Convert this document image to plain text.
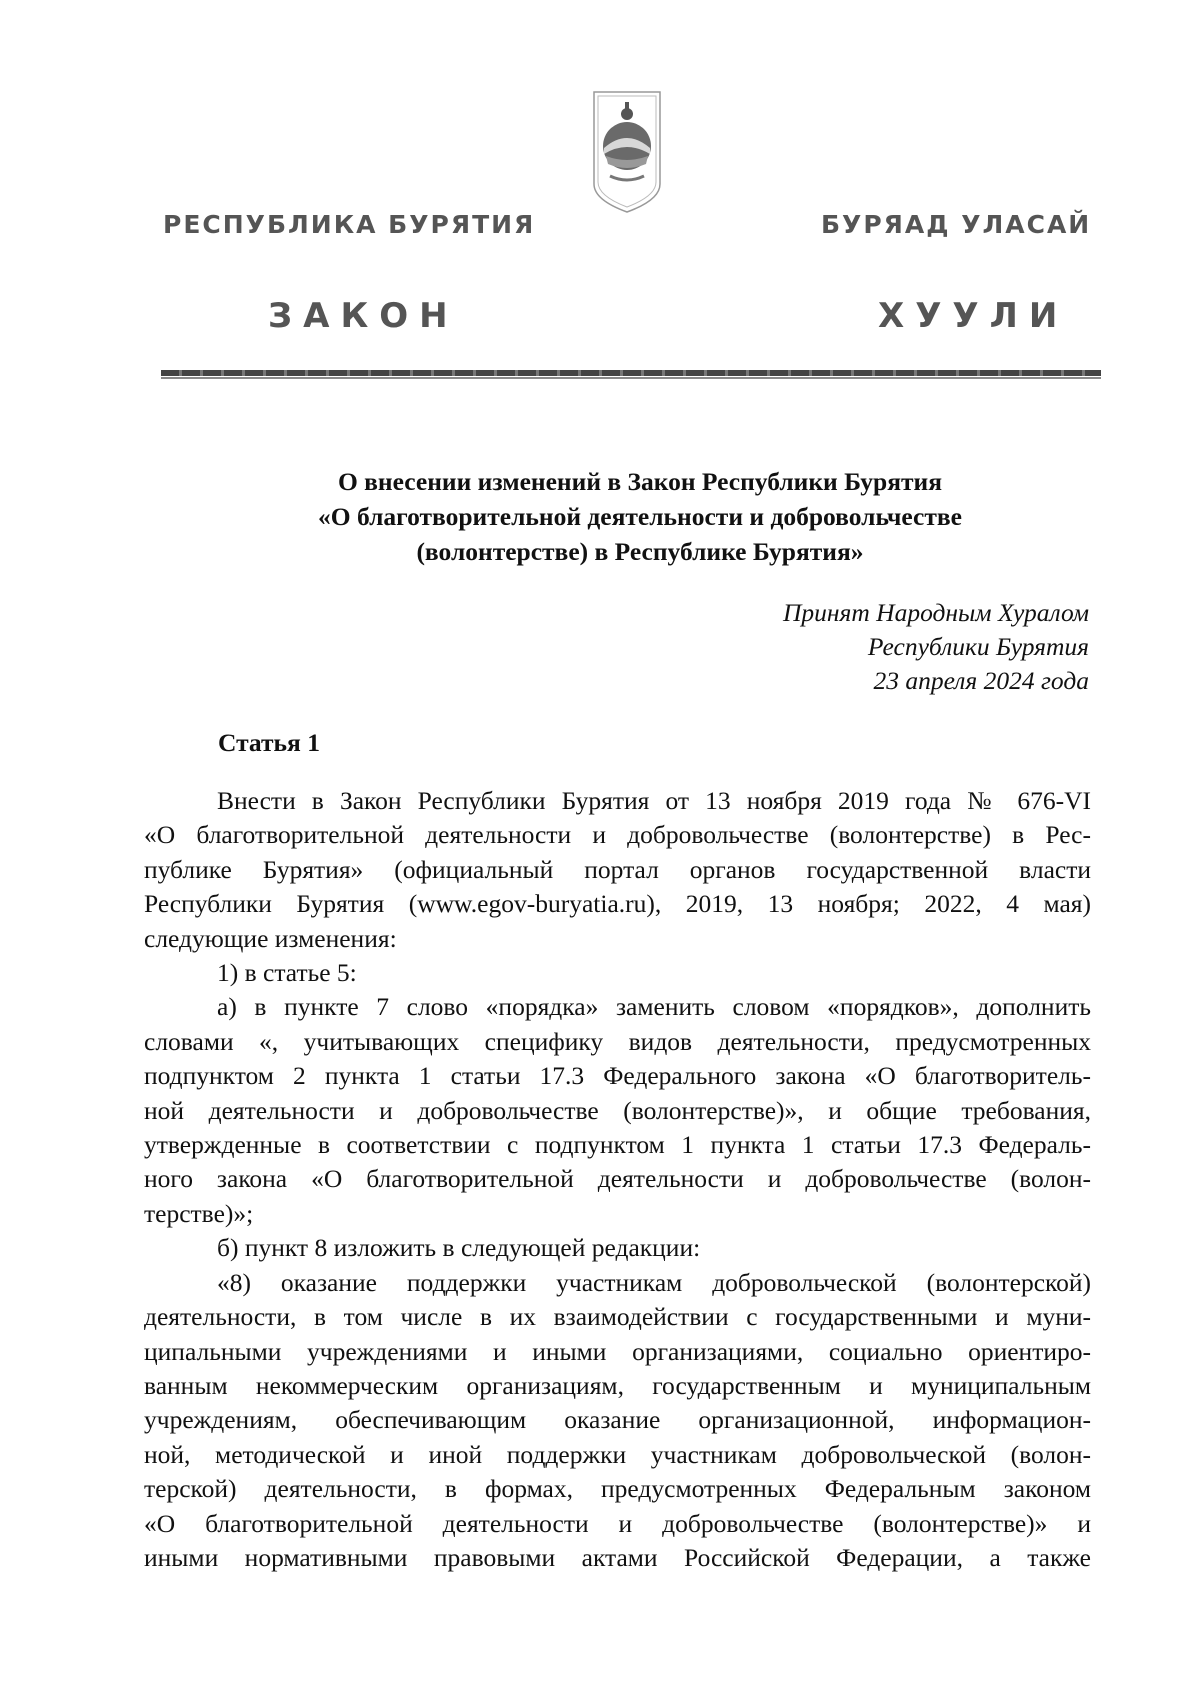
РЕСПУБЛИКА БУРЯТИЯ	БУРЯАД УЛАСАЙ
ЗАКОН	ХУУЛИ
О внесении изменений в Закон Республики Бурятия
«О благотворительной деятельности и добровольчестве
(волонтерстве) в Республике Бурятия»
Принят Народным Хуралом
Республики Бурятия
23 апреля 2024 года
Статья 1
Внести в Закон Республики Бурятия от 13 ноября 2019 года № 676-VI
«О благотворительной деятельности и добровольчестве (волонтерстве) в Рес-
публике Бурятия» (официальный портал органов государственной власти
Республики Бурятия (www.egov-buryatia.ru), 2019, 13 ноября; 2022, 4 мая)
следующие изменения:
1) в статье 5:
а) в пункте 7 слово «порядка» заменить словом «порядков», дополнить
словами «, учитывающих специфику видов деятельности, предусмотренных
подпунктом 2 пункта 1 статьи 17.3 Федерального закона «О благотворитель-
ной деятельности и добровольчестве (волонтерстве)», и общие требования,
утвержденные в соответствии с подпунктом 1 пункта 1 статьи 17.3 Федераль-
ного закона «О благотворительной деятельности и добровольчестве (волон-
терстве)»;
б) пункт 8 изложить в следующей редакции:
«8) оказание поддержки участникам добровольческой (волонтерской)
деятельности, в том числе в их взаимодействии с государственными и муни-
ципальными учреждениями и иными организациями, социально ориентиро-
ванным некоммерческим организациям, государственным и муниципальным
учреждениям, обеспечивающим оказание организационной, информацион-
ной, методической и иной поддержки участникам добровольческой (волон-
терской) деятельности, в формах, предусмотренных Федеральным законом
«О благотворительной деятельности и добровольчестве (волонтерстве)» и
иными нормативными правовыми актами Российской Федерации, а также
